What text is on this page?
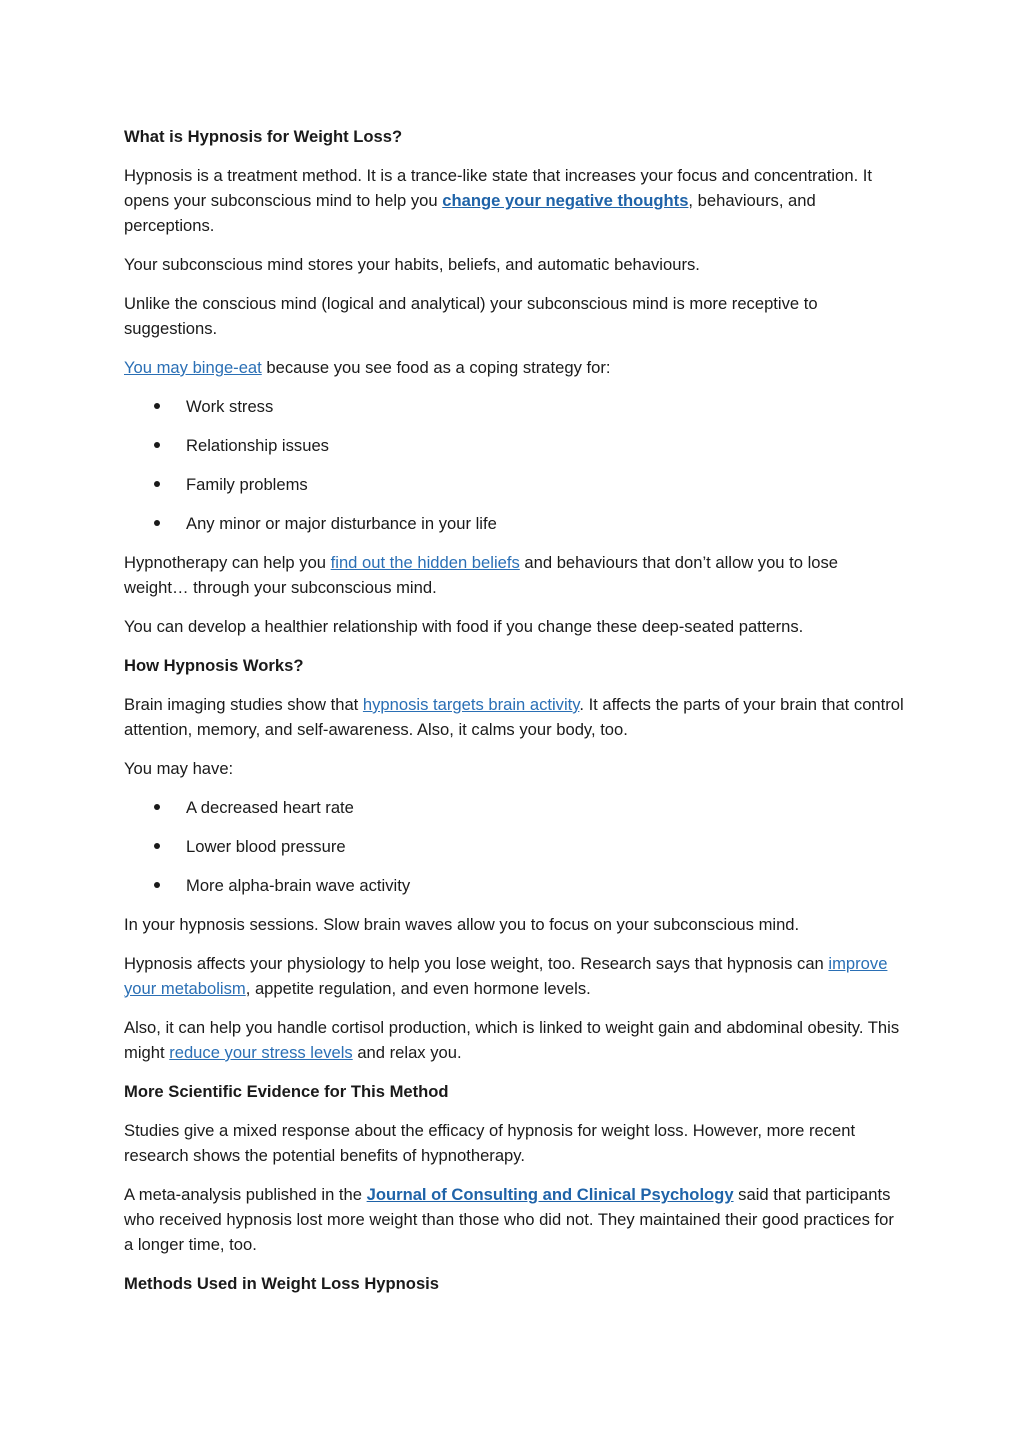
What is Hypnosis for Weight Loss?

Hypnosis is a treatment method. It is a trance-like state that increases your focus and concentration. It opens your subconscious mind to help you change your negative thoughts, behaviours, and perceptions.

Your subconscious mind stores your habits, beliefs, and automatic behaviours.

Unlike the conscious mind (logical and analytical) your subconscious mind is more receptive to suggestions.

You may binge-eat because you see food as a coping strategy for:

Work stress
Relationship issues
Family problems
Any minor or major disturbance in your life

Hypnotherapy can help you find out the hidden beliefs and behaviours that don’t allow you to lose weight… through your subconscious mind.

You can develop a healthier relationship with food if you change these deep-seated patterns.

How Hypnosis Works?

Brain imaging studies show that hypnosis targets brain activity. It affects the parts of your brain that control attention, memory, and self-awareness. Also, it calms your body, too.

You may have:

A decreased heart rate
Lower blood pressure
More alpha-brain wave activity

In your hypnosis sessions. Slow brain waves allow you to focus on your subconscious mind.

Hypnosis affects your physiology to help you lose weight, too. Research says that hypnosis can improve your metabolism, appetite regulation, and even hormone levels.

Also, it can help you handle cortisol production, which is linked to weight gain and abdominal obesity. This might reduce your stress levels and relax you.

More Scientific Evidence for This Method

Studies give a mixed response about the efficacy of hypnosis for weight loss. However, more recent research shows the potential benefits of hypnotherapy.

A meta-analysis published in the Journal of Consulting and Clinical Psychology said that participants who received hypnosis lost more weight than those who did not. They maintained their good practices for a longer time, too.

Methods Used in Weight Loss Hypnosis
